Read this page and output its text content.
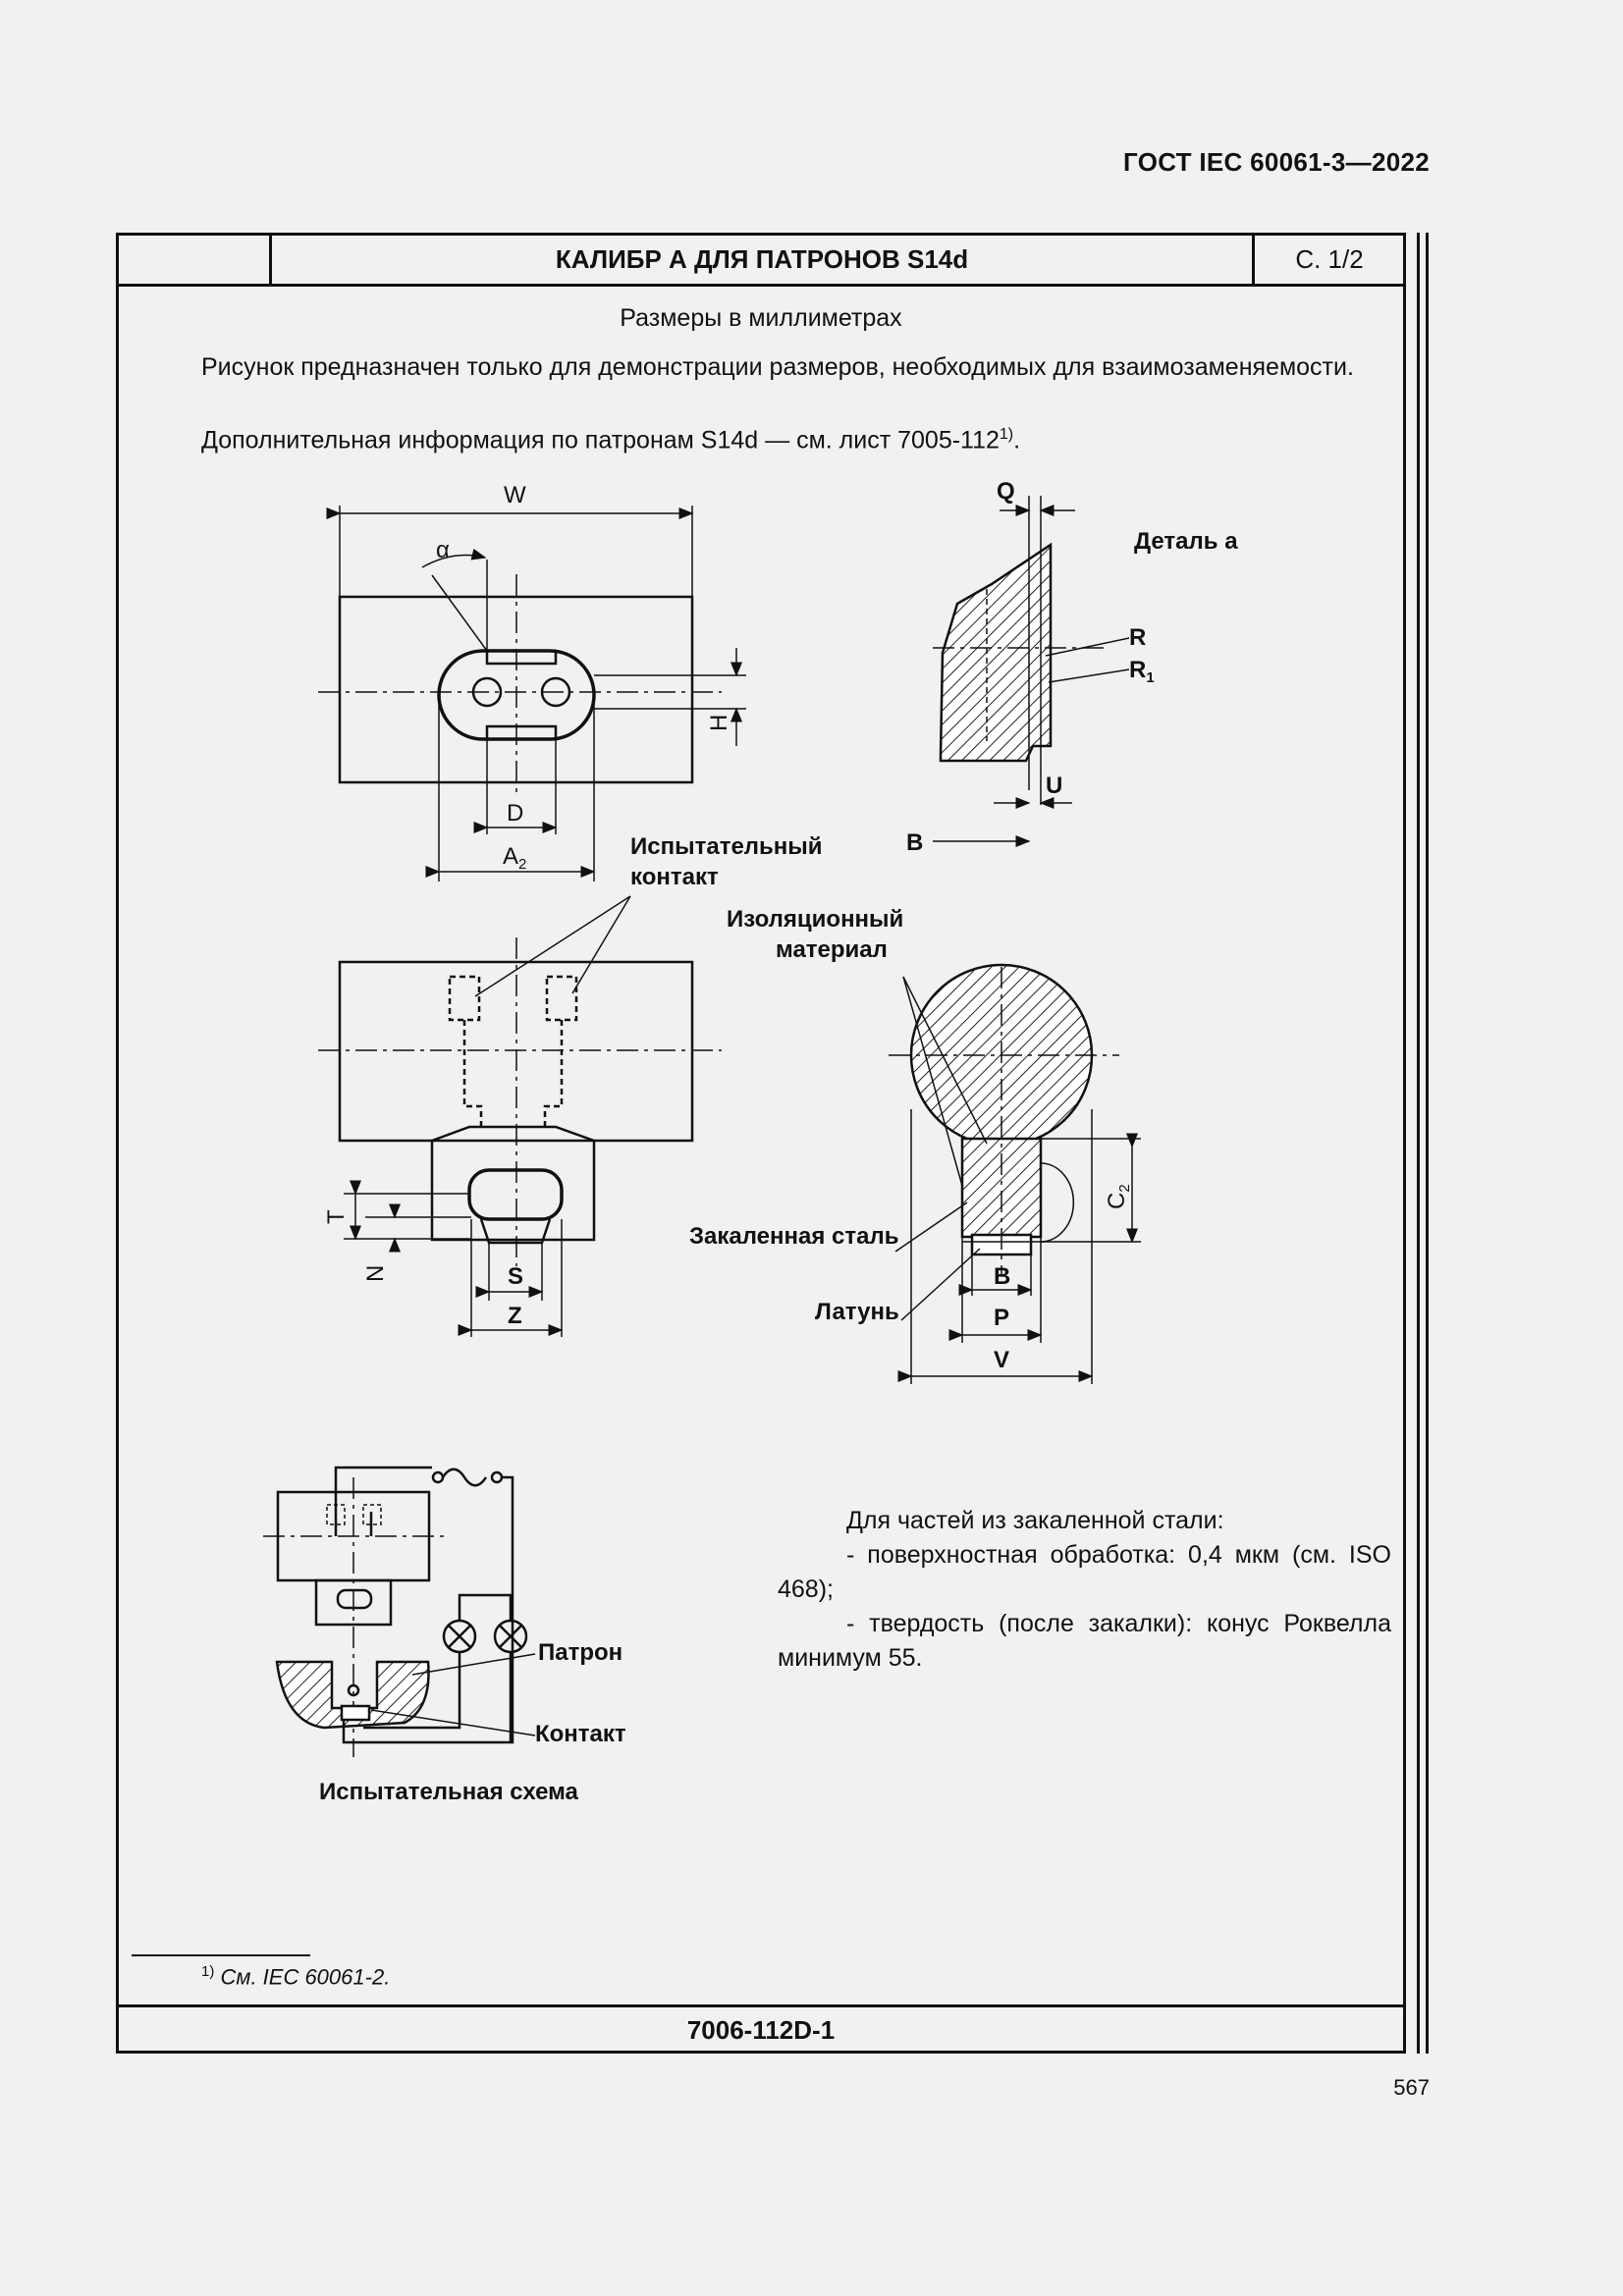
ГОСТ IEC 60061-3—2022
КАЛИБР А ДЛЯ ПАТРОНОВ S14d	С. 1/2
Размеры в миллиметрах
Рисунок предназначен только для демонстрации размеров, необходимых для взаимозаменяемости.
Дополнительная информация по патронам S14d — см. лист 7005-112$^{1)}$.
W
α
H
D
$A_2$
Q
Деталь a
R
$R_1$
U
B
Испытательный
контакт
Изоляционный
материал
T
N	S
Z
$C_2$
Закаленная сталь
Латунь
B
P
V
Патрон
Контакт
Испытательная схема
Для частей из закаленной стали:
- поверхностная обработка: 0,4 мкм (см. ISO 468);
- твердость (после закалки): конус Роквелла минимум 55.
$^{1)}$ См. IEC 60061-2.
7006-112D-1
567
